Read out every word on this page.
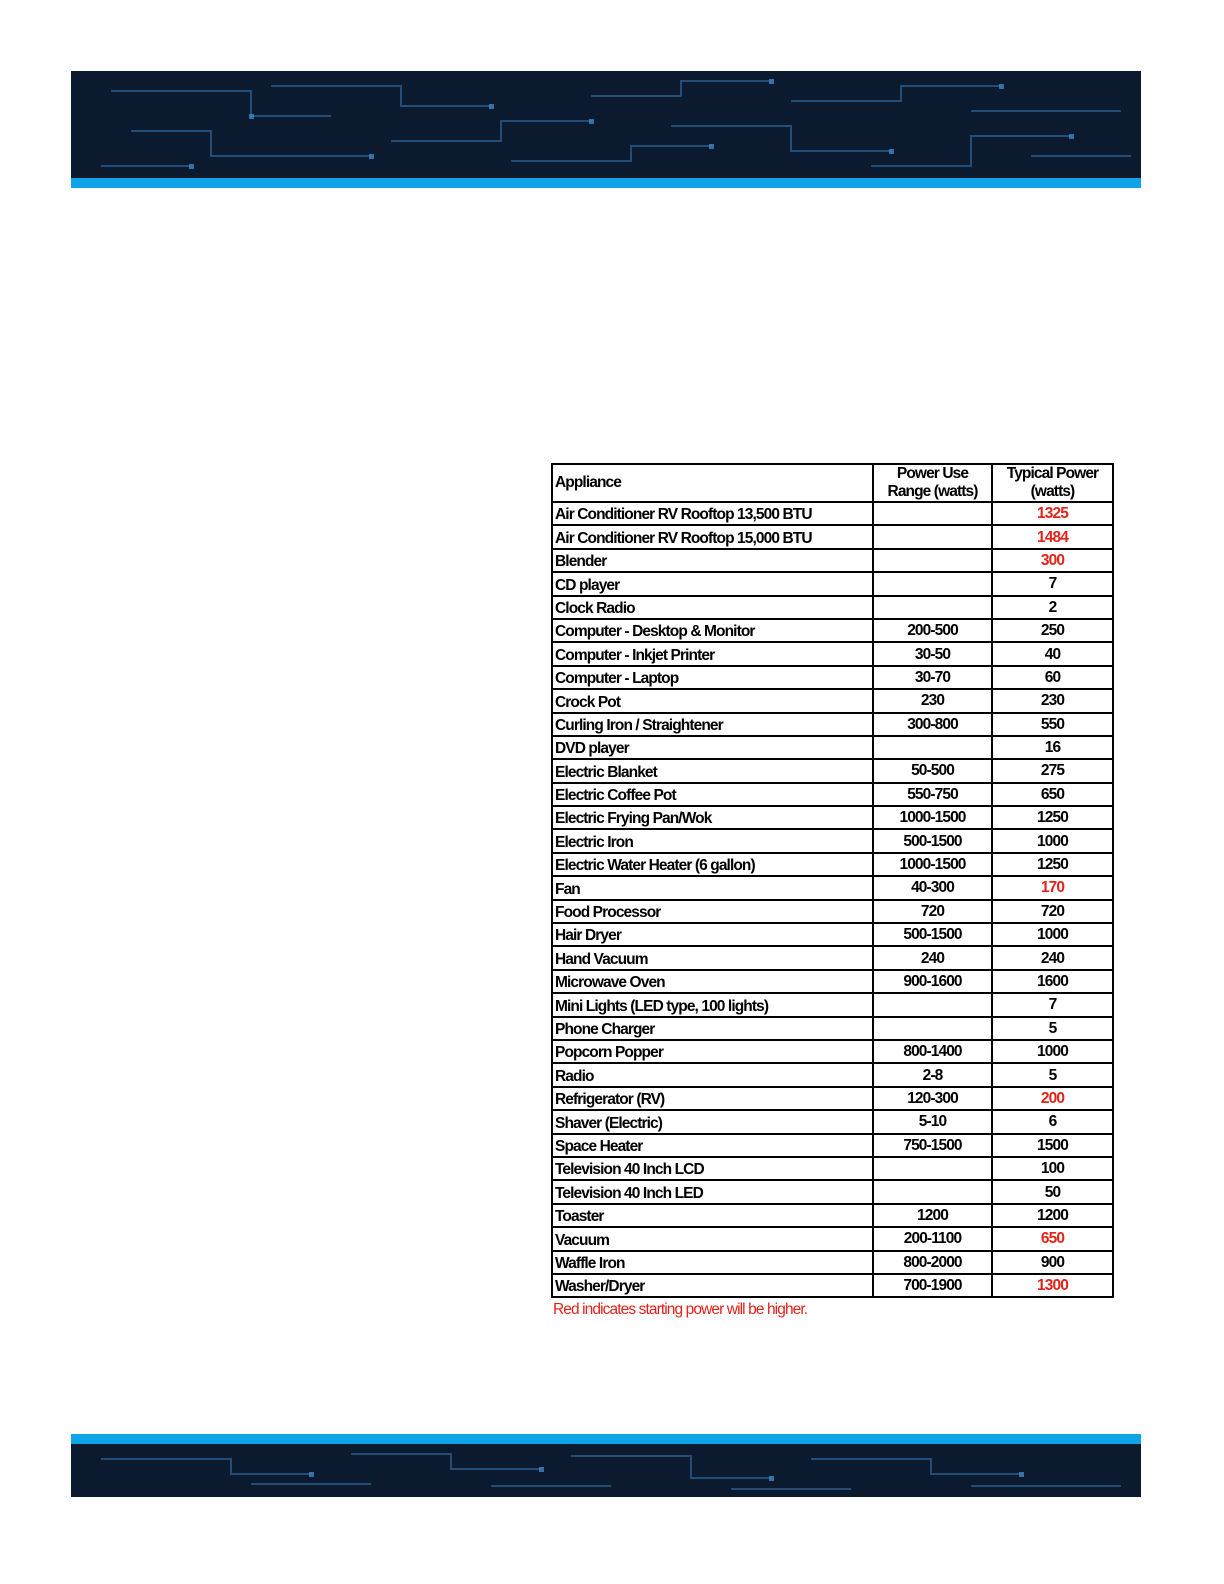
Appliance	Power Use Range (watts)	Typical Power (watts)
Air Conditioner RV Rooftop 13,500 BTU		1325
Air Conditioner RV Rooftop 15,000 BTU		1484
Blender		300
CD player		7
Clock Radio		2
Computer - Desktop & Monitor	200-500	250
Computer - Inkjet Printer	30-50	40
Computer - Laptop	30-70	60
Crock Pot	230	230
Curling Iron / Straightener	300-800	550
DVD player		16
Electric Blanket	50-500	275
Electric Coffee Pot	550-750	650
Electric Frying Pan/Wok	1000-1500	1250
Electric Iron	500-1500	1000
Electric Water Heater (6 gallon)	1000-1500	1250
Fan	40-300	170
Food Processor	720	720
Hair Dryer	500-1500	1000
Hand Vacuum	240	240
Microwave Oven	900-1600	1600
Mini Lights (LED type, 100 lights)		7
Phone Charger		5
Popcorn Popper	800-1400	1000
Radio	2-8	5
Refrigerator (RV)	120-300	200
Shaver (Electric)	5-10	6
Space Heater	750-1500	1500
Television 40 Inch LCD		100
Television 40 Inch LED		50
Toaster	1200	1200
Vacuum	200-1100	650
Waffle Iron	800-2000	900
Washer/Dryer	700-1900	1300
Red indicates starting power will be higher.
